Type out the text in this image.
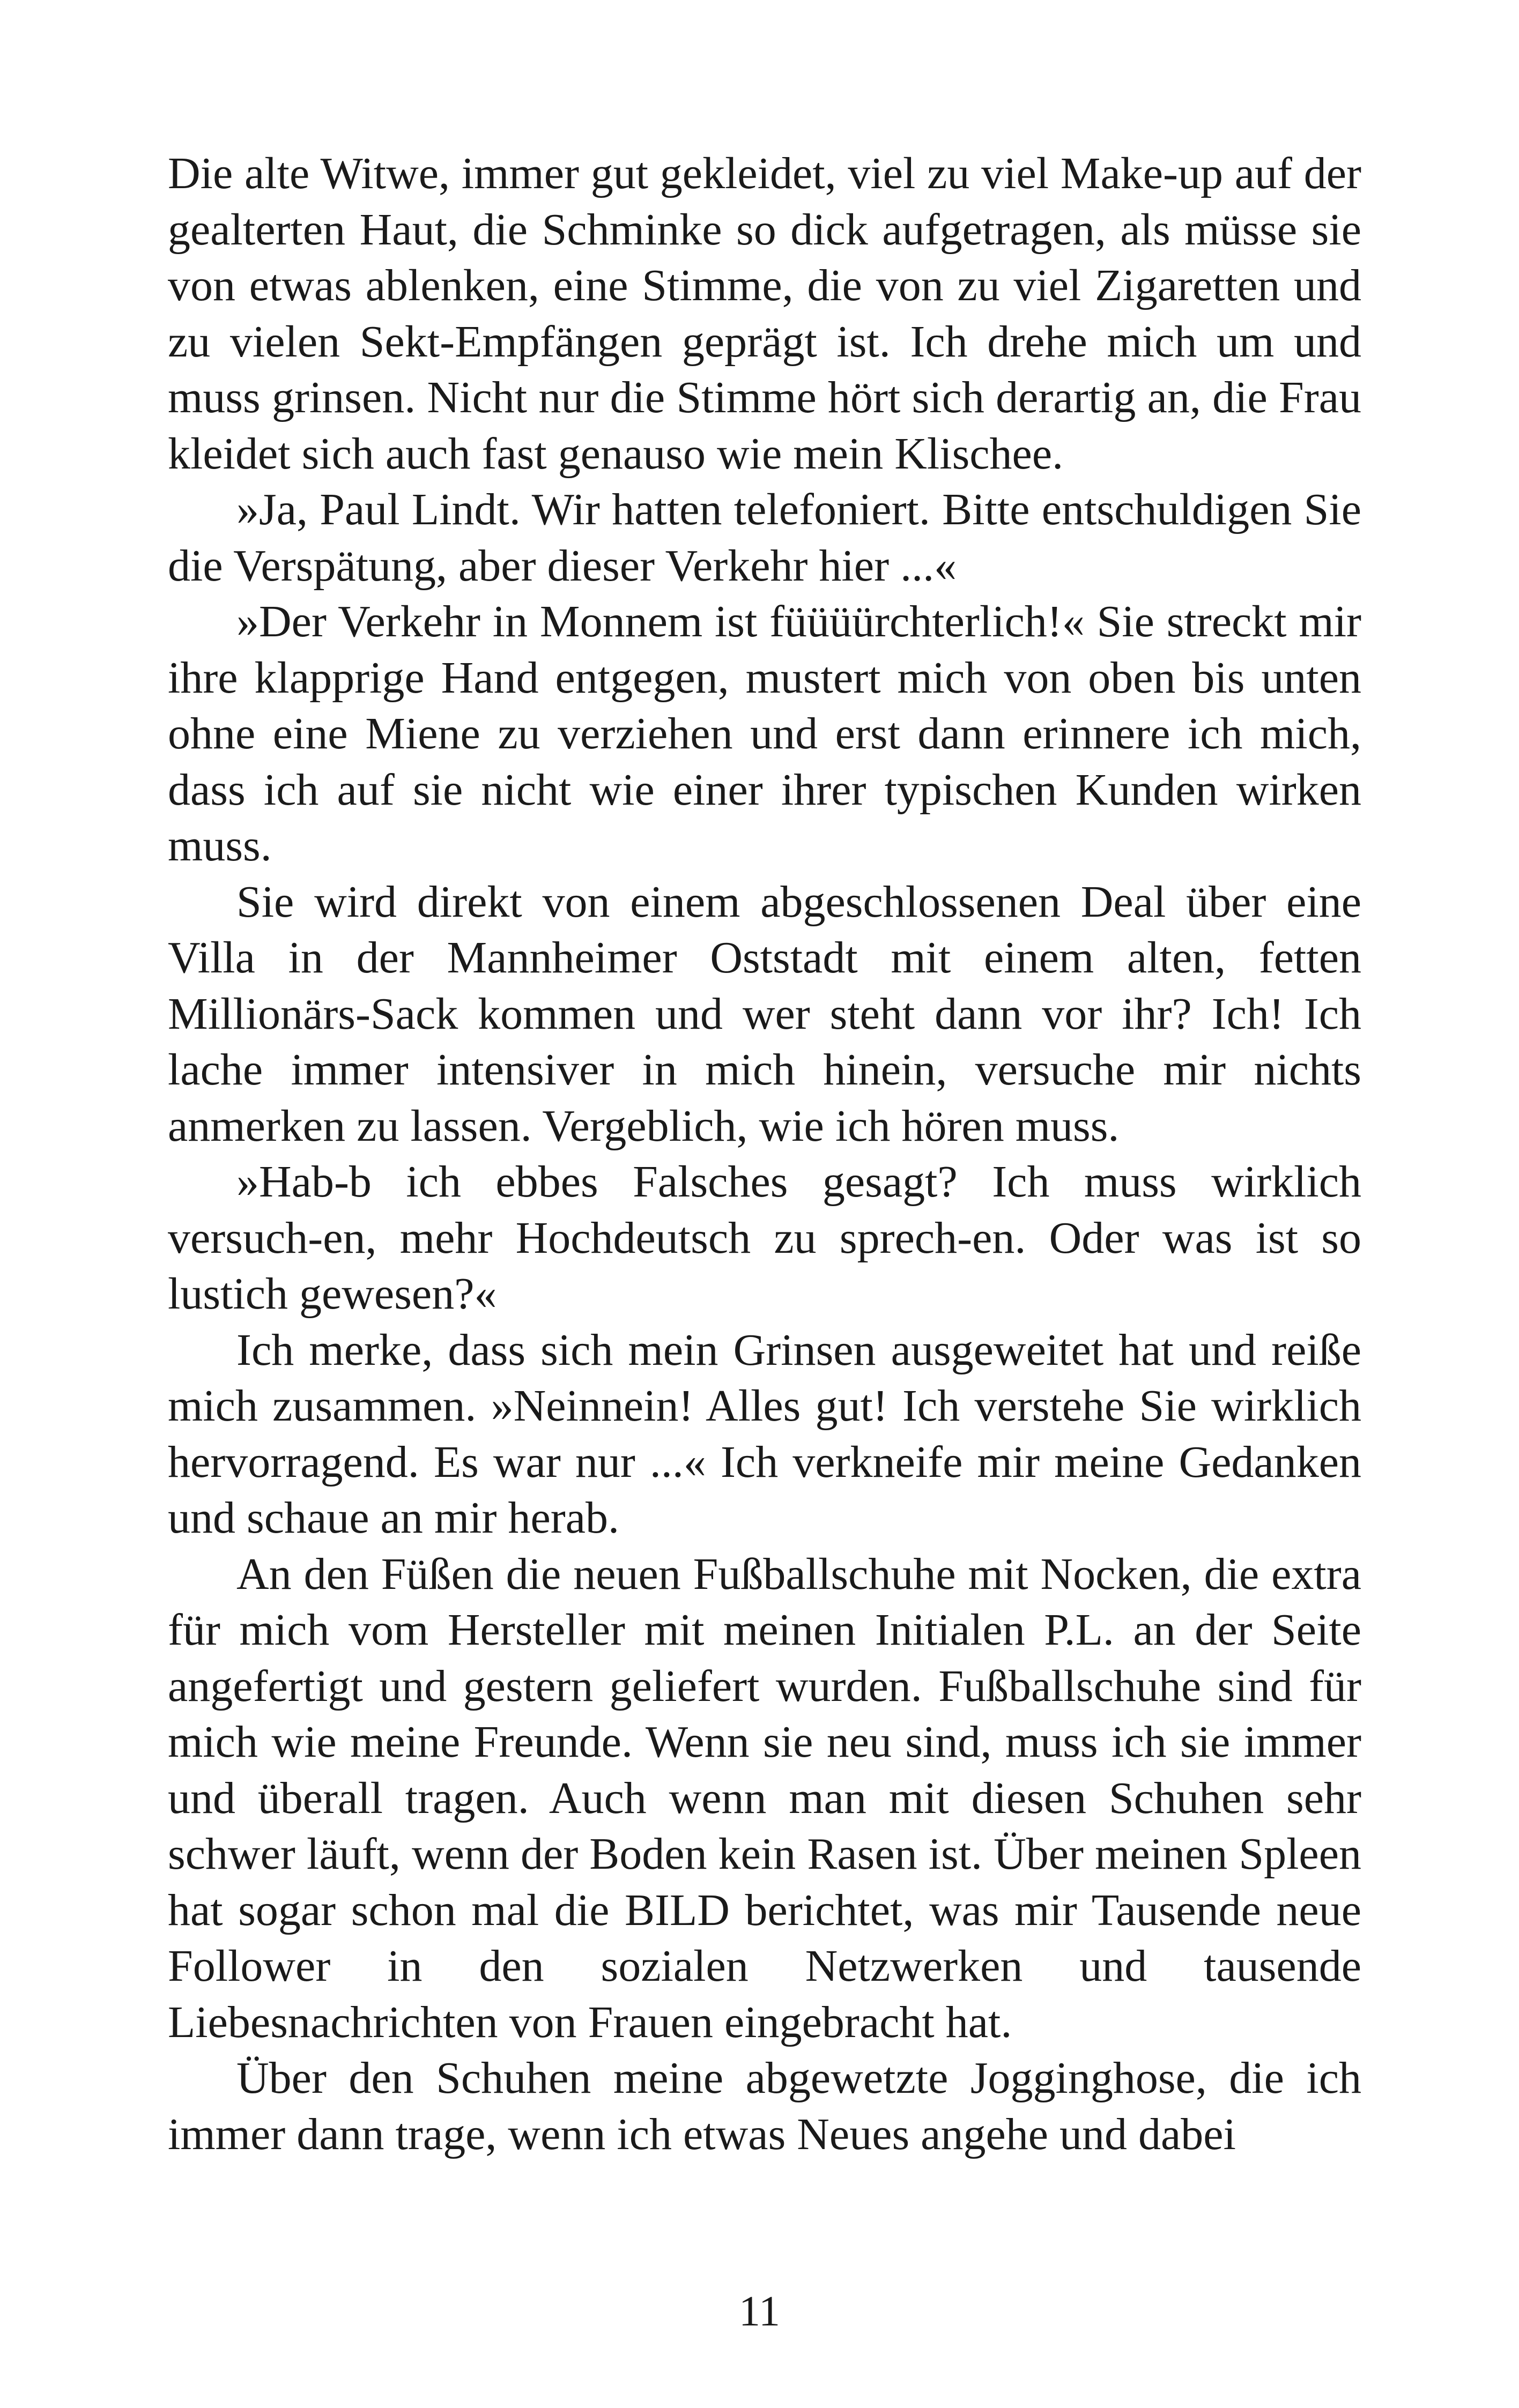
Die alte Witwe, immer gut gekleidet, viel zu viel Make-up auf der gealterten Haut, die Schminke so dick aufgetragen, als müsse sie von etwas ablenken, eine Stimme, die von zu viel Zigaretten und zu vielen Sekt-Empfängen geprägt ist. Ich drehe mich um und muss grinsen. Nicht nur die Stimme hört sich derartig an, die Frau kleidet sich auch fast genauso wie mein Klischee.

»Ja, Paul Lindt. Wir hatten telefoniert. Bitte entschuldigen Sie die Verspätung, aber dieser Verkehr hier ...«

»Der Verkehr in Monnem ist füüüürchterlich!« Sie streckt mir ihre klapprige Hand entgegen, mustert mich von oben bis unten ohne eine Miene zu verziehen und erst dann erinnere ich mich, dass ich auf sie nicht wie einer ihrer typischen Kunden wirken muss.

Sie wird direkt von einem abgeschlossenen Deal über eine Villa in der Mannheimer Oststadt mit einem alten, fetten Millionärs-Sack kommen und wer steht dann vor ihr? Ich! Ich lache immer intensiver in mich hinein, versuche mir nichts anmerken zu lassen. Vergeblich, wie ich hören muss.

»Hab-b ich ebbes Falsches gesagt? Ich muss wirklich versuch-en, mehr Hochdeutsch zu sprech-en. Oder was ist so lustich gewesen?«

Ich merke, dass sich mein Grinsen ausgeweitet hat und reiße mich zusammen. »Neinnein! Alles gut! Ich verstehe Sie wirklich hervorragend. Es war nur ...« Ich verkneife mir meine Gedanken und schaue an mir herab.

An den Füßen die neuen Fußballschuhe mit Nocken, die extra für mich vom Hersteller mit meinen Initialen P.L. an der Seite angefertigt und gestern geliefert wurden. Fußballschuhe sind für mich wie meine Freunde. Wenn sie neu sind, muss ich sie immer und überall tragen. Auch wenn man mit diesen Schuhen sehr schwer läuft, wenn der Boden kein Rasen ist. Über meinen Spleen hat sogar schon mal die BILD berichtet, was mir Tausende neue Follower in den sozialen Netzwerken und tausende Liebesnachrichten von Frauen eingebracht hat.

Über den Schuhen meine abgewetzte Jogginghose, die ich immer dann trage, wenn ich etwas Neues angehe und dabei

11
